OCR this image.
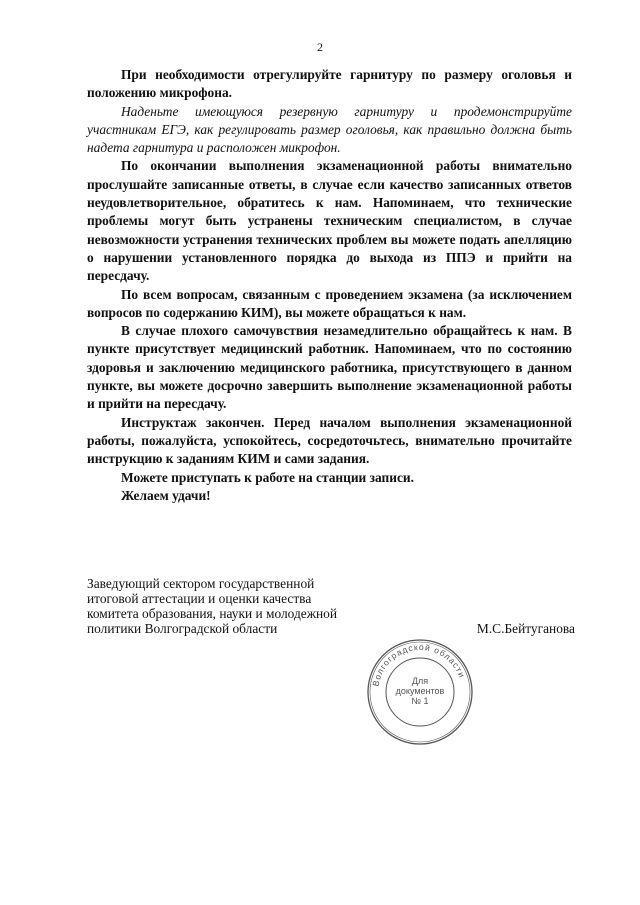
2

При необходимости отрегулируйте гарнитуру по размеру оголовья и положению микрофона.

Наденьте имеющуюся резервную гарнитуру и продемонстрируйте участникам ЕГЭ, как регулировать размер оголовья, как правильно должна быть надета гарнитура и расположен микрофон.

По окончании выполнения экзаменационной работы внимательно прослушайте записанные ответы, в случае если качество записанных ответов неудовлетворительное, обратитесь к нам. Напоминаем, что технические проблемы могут быть устранены техническим специалистом, в случае невозможности устранения технических проблем вы можете подать апелляцию о нарушении установленного порядка до выхода из ППЭ и прийти на пересдачу.

По всем вопросам, связанным с проведением экзамена (за исключением вопросов по содержанию КИМ), вы можете обращаться к нам.

В случае плохого самочувствия незамедлительно обращайтесь к нам. В пункте присутствует медицинский работник. Напоминаем, что по состоянию здоровья и заключению медицинского работника, присутствующего в данном пункте, вы можете досрочно завершить выполнение экзаменационной работы и прийти на пересдачу.

Инструктаж закончен. Перед началом выполнения экзаменационной работы, пожалуйста, успокойтесь, сосредоточьтесь, внимательно прочитайте инструкцию к заданиям КИМ и сами задания.

Можете приступать к работе на станции записи.

Желаем удачи!

Заведующий сектором государственной
итоговой аттестации и оценки качества
комитета образования, науки и молодежной
политики Волгоградской области	М.С.Бейтуганова
Волгоградской области
Для
документов
№ 1
